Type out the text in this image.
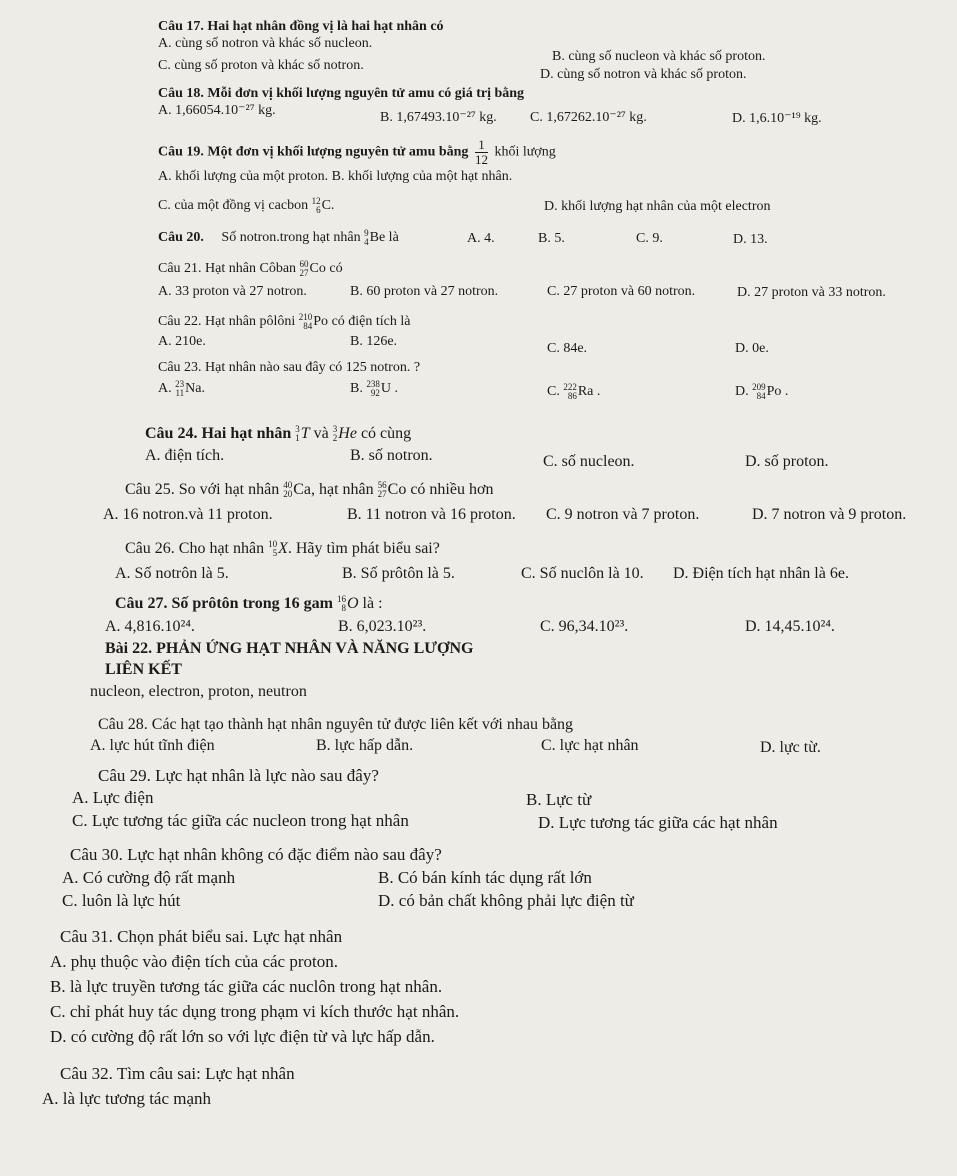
Câu 17. Hai hạt nhân đồng vị là hai hạt nhân có
A. cùng số notron và khác số nucleon.
B. cùng số nucleon và khác số proton.
C. cùng số proton và khác số notron.
D. cùng số notron và khác số proton.
Câu 18. Mỗi đơn vị khối lượng nguyên tử amu có giá trị bằng
A. 1,66054.10⁻²⁷ kg.	B. 1,67493.10⁻²⁷ kg. C. 1,67262.10⁻²⁷ kg.	D. 1,6.10⁻¹⁹ kg.
Câu 19. Một đơn vị khối lượng nguyên tử amu bằng $\frac{1}{12}$ khối lượng
A. khối lượng của một proton. B. khối lượng của một hạt nhân.
C. của một đồng vị cacbon 12
6 C.	D. khối lượng hạt nhân của một electron
Câu 20. Số notron.trong hạt nhân 9
4 Be là	A. 4.	B. 5.	C. 9.	D. 13.
Câu 21. Hạt nhân Côban 60
27 Co có
A. 33 proton và 27 notron.	B. 60 proton và 27 notron.	C. 27 proton và 60 notron.	D. 27 proton và 33 notron.
Câu 22. Hạt nhân pôlôni 210
84 Po có điện tích là
A. 210e.	B. 126e.	C. 84e.	D. 0e.
Câu 23. Hạt nhân nào sau đây có 125 notron. ?
A. 23
11 Na.	B. 238
92 U .	C. 222
86 Ra .	D. 209
84 Po .
Câu 24. Hai hạt nhân 3
1 T và 3
2 He có cùng
A. điện tích.	B. số notron.	C. số nucleon.	D. số proton.
Câu 25. So với hạt nhân 40
20 Ca, hạt nhân 56
27 Co có nhiều hơn
A. 16 notron.và 11 proton.	B. 11 notron và 16 proton. C. 9 notron và 7 proton.	D. 7 notron và 9 proton.
Câu 26. Cho hạt nhân 10
5 X. Hãy tìm phát biểu sai?
A. Số notrôn là 5.	B. Số prôtôn là 5.	C. Số nuclôn là 10. D. Điện tích hạt nhân là 6e.
Câu 27. Số prôtôn trong 16 gam 16
8 O là :
A. 4,816.10²⁴.	B. 6,023.10²³.	C. 96,34.10²³.	D. 14,45.10²⁴.
Bài 22. PHẢN ỨNG HẠT NHÂN VÀ NĂNG LƯỢNG
LIÊN KẾT
nucleon, electron, proton, neutron
Câu 28. Các hạt tạo thành hạt nhân nguyên tử được liên kết với nhau bằng
A. lực hút tĩnh điện	B. lực hấp dẫn.	C. lực hạt nhân	D. lực từ.
Câu 29. Lực hạt nhân là lực nào sau đây?
A. Lực điện	B. Lực từ
C. Lực tương tác giữa các nucleon trong hạt nhân	D. Lực tương tác giữa các hạt nhân
Câu 30. Lực hạt nhân không có đặc điểm nào sau đây?
A. Có cường độ rất mạnh	B. Có bán kính tác dụng rất lớn
C. luôn là lực hút	D. có bản chất không phải lực điện từ
Câu 31. Chọn phát biểu sai. Lực hạt nhân
A. phụ thuộc vào điện tích của các proton.
B. là lực truyền tương tác giữa các nuclôn trong hạt nhân.
C. chỉ phát huy tác dụng trong phạm vi kích thước hạt nhân.
D. có cường độ rất lớn so với lực điện từ và lực hấp dẫn.
Câu 32. Tìm câu sai: Lực hạt nhân
A. là lực tương tác mạnh
